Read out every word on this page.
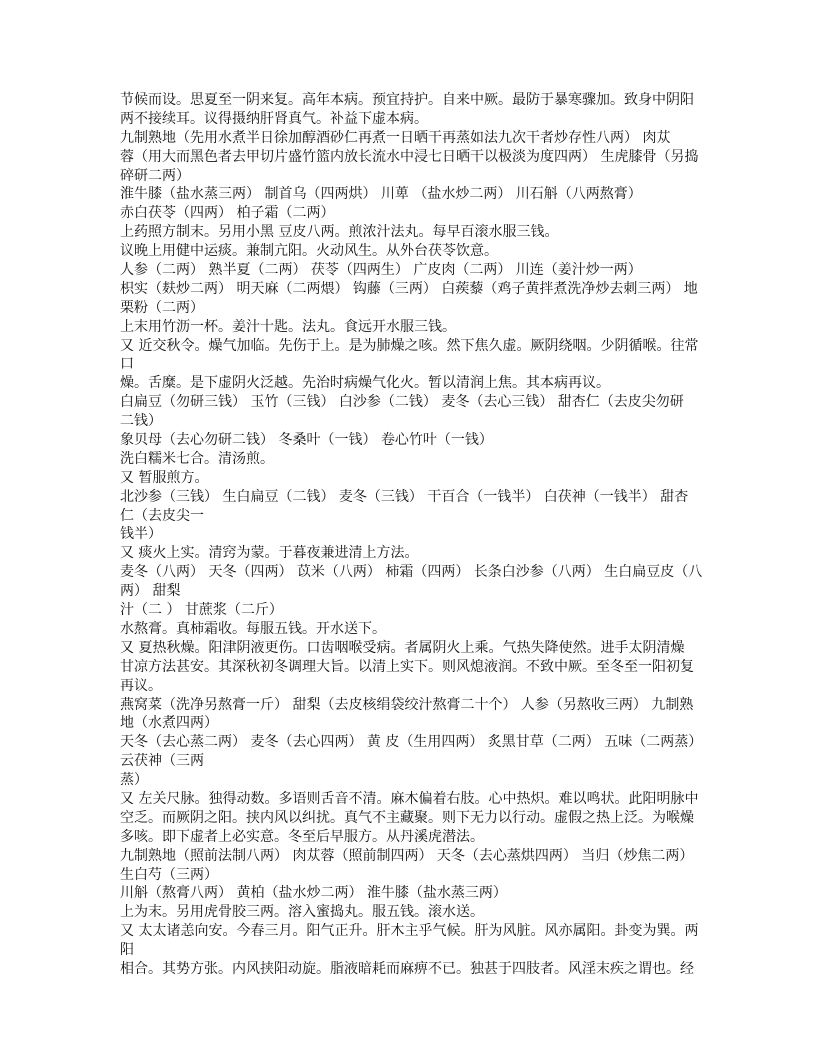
节候而设。思夏至一阴来复。高年本病。预宜持护。自来中厥。最防于暴寒骤加。致身中阴阳
两不接续耳。议得摄纳肝肾真气。补益下虚本病。
九制熟地（先用水煮半日徐加醇酒砂仁再煮一日晒干再蒸如法九次干者炒存性八两） 肉苁
蓉（用大而黑色者去甲切片盛竹篮内放长流水中浸七日晒干以极淡为度四两） 生虎膝骨（另捣
碎研二两）
淮牛膝（盐水蒸三两） 制首乌（四两烘） 川萆 （盐水炒二两） 川石斛（八两熬膏）
赤白茯苓（四两） 柏子霜（二两）
上药照方制末。另用小黑 豆皮八两。煎浓汁法丸。每早百滚水服三钱。
议晚上用健中运痰。兼制亢阳。火动风生。从外台茯苓饮意。
人参（二两） 熟半夏（二两） 茯苓（四两生） 广皮肉（二两） 川连（姜汁炒一两）
枳实（麸炒二两） 明天麻（二两煨） 钩藤（三两） 白蒺藜（鸡子黄拌煮洗净炒去刺三两） 地
栗粉（二两）
上末用竹沥一杯。姜汁十匙。法丸。食远开水服三钱。
又 近交秋令。燥气加临。先伤于上。是为肺燥之咳。然下焦久虚。厥阴绕咽。少阴循喉。往常
口
燥。舌糜。是下虚阴火泛越。先治时病燥气化火。暂以清润上焦。其本病再议。
白扁豆（勿研三钱） 玉竹（三钱） 白沙参（二钱） 麦冬（去心三钱） 甜杏仁（去皮尖勿研
二钱）
象贝母（去心勿研二钱） 冬桑叶（一钱） 卷心竹叶（一钱）
洗白糯米七合。清汤煎。
又 暂服煎方。
北沙参（三钱） 生白扁豆（二钱） 麦冬（三钱） 干百合（一钱半） 白茯神（一钱半） 甜杏
仁（去皮尖一
钱半）
又 痰火上实。清窍为蒙。于暮夜兼进清上方法。
麦冬（八两） 天冬（四两） 苡米（八两） 柿霜（四两） 长条白沙参（八两） 生白扁豆皮（八
两） 甜梨
汁（二 ） 甘蔗浆（二斤）
水熬膏。真柿霜收。每服五钱。开水送下。
又 夏热秋燥。阳津阴液更伤。口齿咽喉受病。者属阴火上乘。气热失降使然。进手太阴清燥
甘凉方法甚安。其深秋初冬调理大旨。以清上实下。则风熄液润。不致中厥。至冬至一阳初复
再议。
燕窝菜（洗净另熬膏一斤） 甜梨（去皮核绢袋绞汁熬膏二十个） 人参（另熬收三两） 九制熟
地（水煮四两）
天冬（去心蒸二两） 麦冬（去心四两） 黄 皮（生用四两） 炙黑甘草（二两） 五味（二两蒸）
云茯神（三两
蒸）
又 左关尺脉。独得动数。多语则舌音不清。麻木偏着右肢。心中热炽。难以鸣状。此阳明脉中
空乏。而厥阴之阳。挟内风以纠扰。真气不主藏聚。则下无力以行动。虚假之热上泛。为喉燥
多咳。即下虚者上必实意。冬至后早服方。从丹溪虎潜法。
九制熟地（照前法制八两） 肉苁蓉（照前制四两） 天冬（去心蒸烘四两） 当归（炒焦二两）
生白芍（三两）
川斛（熬膏八两） 黄柏（盐水炒二两） 淮牛膝（盐水蒸三两）
上为末。另用虎骨胶三两。溶入蜜捣丸。服五钱。滚水送。
又 太太诸恙向安。今春三月。阳气正升。肝木主乎气候。肝为风脏。风亦属阳。卦变为巽。两
阳
相合。其势方张。内风挟阳动旋。脂液暗耗而麻痹不已。独甚于四肢者。风淫末疾之谓也。经
